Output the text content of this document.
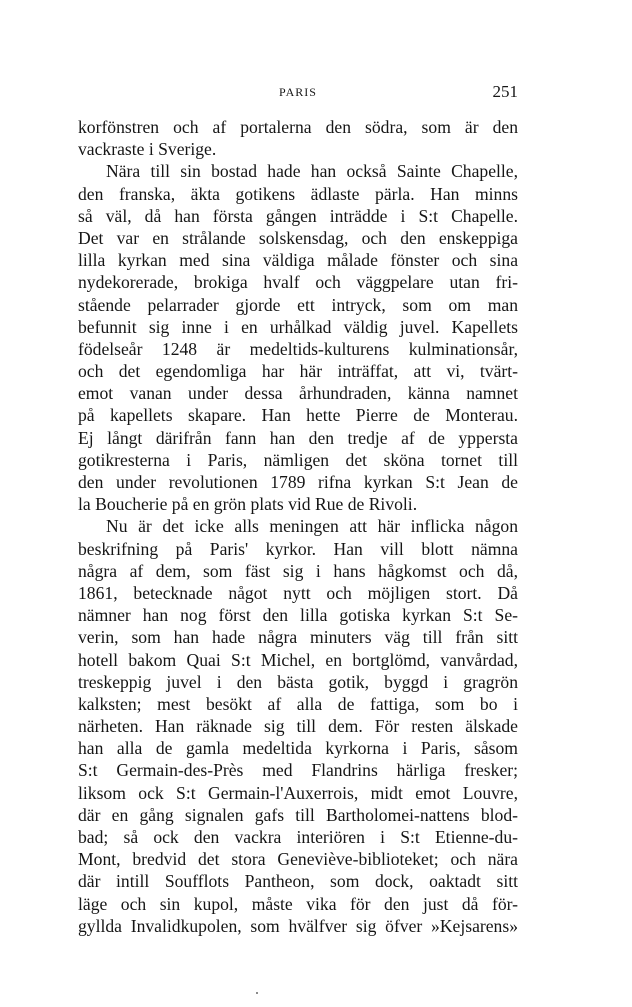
PARIS	251
korfönstren och af portalerna den södra, som är den
vackraste i Sverige.
Nära till sin bostad hade han också Sainte Chapelle,
den franska, äkta gotikens ädlaste pärla. Han minns
så väl, då han första gången inträdde i S:t Chapelle.
Det var en strålande solskensdag, och den enskeppiga
lilla kyrkan med sina väldiga målade fönster och sina
nydekorerade, brokiga hvalf och väggpelare utan fri-
stående pelarrader gjorde ett intryck, som om man
befunnit sig inne i en urhålkad väldig juvel. Kapellets
födelseår 1248 är medeltids-kulturens kulminationsår,
och det egendomliga har här inträffat, att vi, tvärt-
emot vanan under dessa århundraden, känna namnet
på kapellets skapare. Han hette Pierre de Monterau.
Ej långt därifrån fann han den tredje af de yppersta
gotikresterna i Paris, nämligen det sköna tornet till
den under revolutionen 1789 rifna kyrkan S:t Jean de
la Boucherie på en grön plats vid Rue de Rivoli.
Nu är det icke alls meningen att här inflicka någon
beskrifning på Paris' kyrkor. Han vill blott nämna
några af dem, som fäst sig i hans hågkomst och då,
1861, betecknade något nytt och möjligen stort. Då
nämner han nog först den lilla gotiska kyrkan S:t Se-
verin, som han hade några minuters väg till från sitt
hotell bakom Quai S:t Michel, en bortglömd, vanvårdad,
treskeppig juvel i den bästa gotik, byggd i gragrön
kalksten; mest besökt af alla de fattiga, som bo i
närheten. Han räknade sig till dem. För resten älskade
han alla de gamla medeltida kyrkorna i Paris, såsom
S:t Germain-des-Près med Flandrins härliga fresker;
liksom ock S:t Germain-l'Auxerrois, midt emot Louvre,
där en gång signalen gafs till Bartholomei-nattens blod-
bad; så ock den vackra interiören i S:t Etienne-du-
Mont, bredvid det stora Geneviève-biblioteket; och nära
där intill Soufflots Pantheon, som dock, oaktadt sitt
läge och sin kupol, måste vika för den just då för-
gyllda Invalidkupolen, som hvälfver sig öfver »Kejsarens»
